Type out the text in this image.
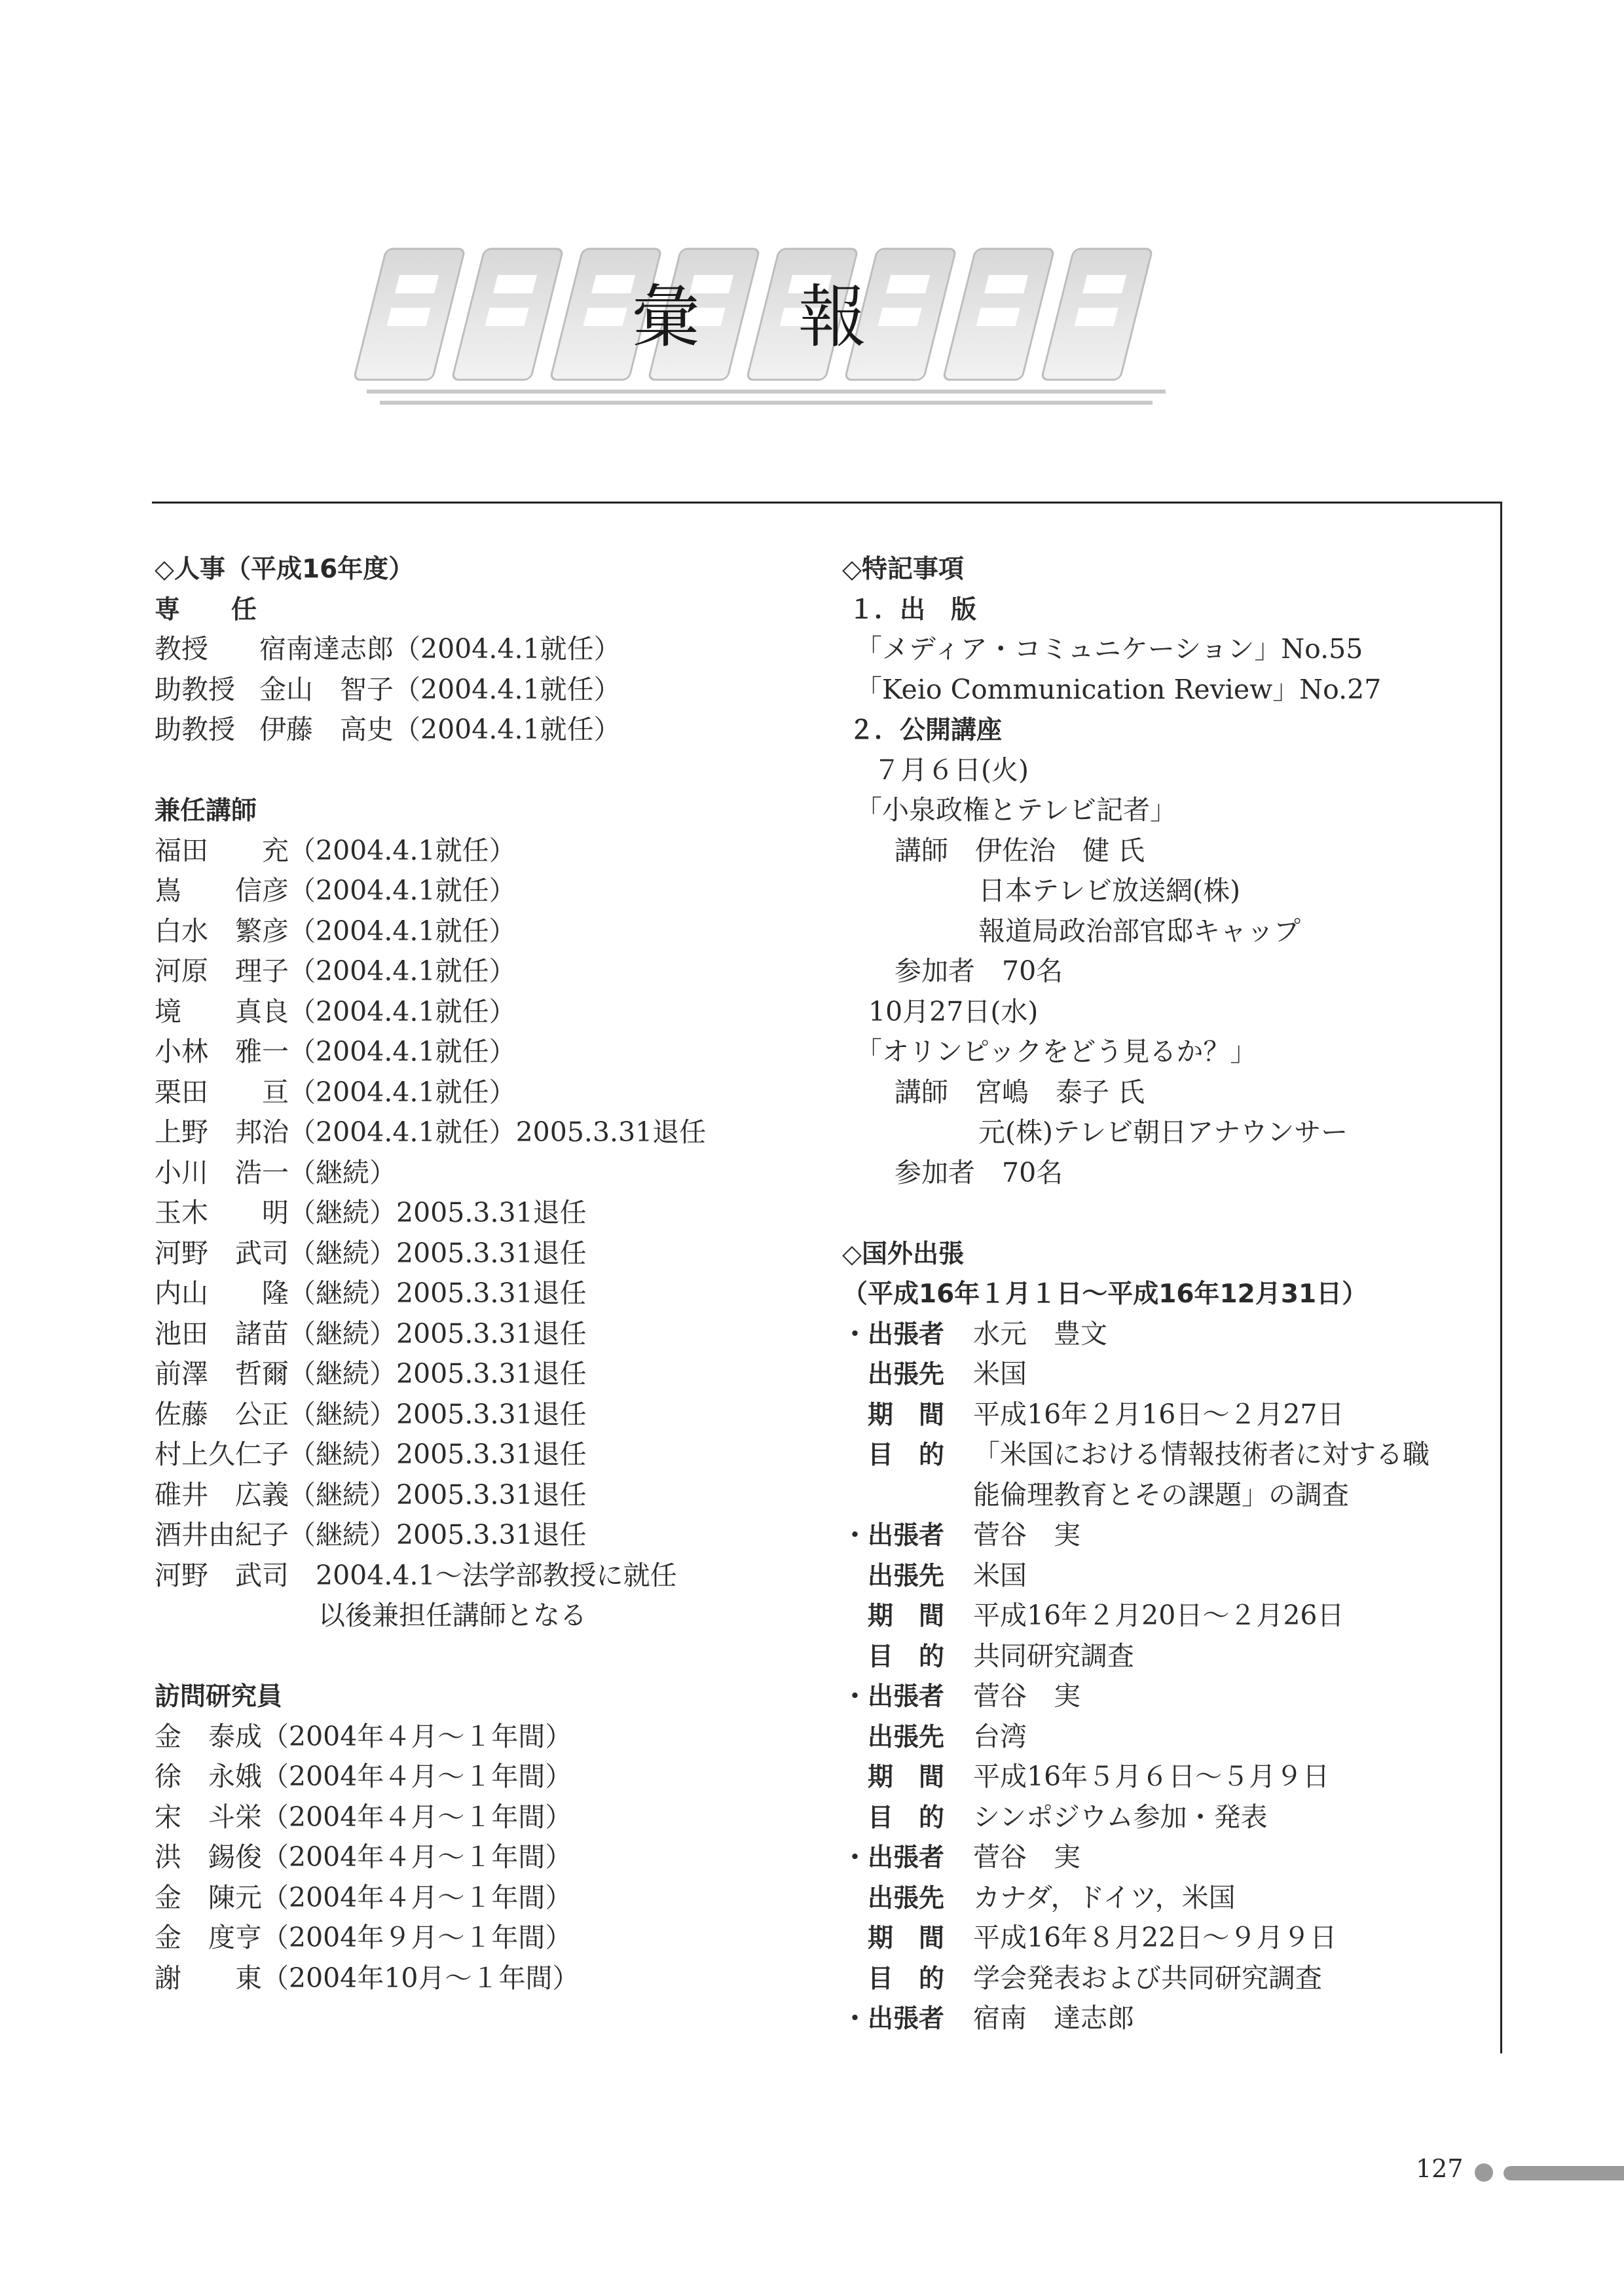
彙報
◇人事（平成16年度）
専　　任
教授 宿南達志郎（2004.4.1就任）
助教授 金山　智子（2004.4.1就任）
助教授 伊藤　高史（2004.4.1就任）
兼任講師
福田　　充（2004.4.1就任）
嶌　　信彦（2004.4.1就任）
白水　繁彦（2004.4.1就任）
河原　理子（2004.4.1就任）
境　　真良（2004.4.1就任）
小林　雅一（2004.4.1就任）
栗田　　亘（2004.4.1就任）
上野　邦治（2004.4.1就任）2005.3.31退任
小川　浩一（継続）
玉木　　明（継続）2005.3.31退任
河野　武司（継続）2005.3.31退任
内山　　隆（継続）2005.3.31退任
池田　諸苗（継続）2005.3.31退任
前澤　哲爾（継続）2005.3.31退任
佐藤　公正（継続）2005.3.31退任
村上久仁子（継続）2005.3.31退任
碓井　広義（継続）2005.3.31退任
酒井由紀子（継続）2005.3.31退任
河野　武司　2004.4.1〜法学部教授に就任
以後兼担任講師となる
訪問研究員
金　泰成（2004年４月〜１年間）
徐　永娥（2004年４月〜１年間）
宋　斗栄（2004年４月〜１年間）
洪　錫俊（2004年４月〜１年間）
金　陳元（2004年４月〜１年間）
金　度亨（2004年９月〜１年間）
謝　　東（2004年10月〜１年間）
◇特記事項
１．出　版
「メディア・コミュニケーション」No.55
「Keio Communication Review」No.27
２．公開講座
７月６日(火)
「小泉政権とテレビ記者」
講師　伊佐治　健 氏
日本テレビ放送網(株)
報道局政治部官邸キャップ
参加者　70名
10月27日(水)
「オリンピックをどう見るか？」
講師　宮嶋　泰子 氏
元(株)テレビ朝日アナウンサー
参加者　70名
◇国外出張
（平成16年１月１日〜平成16年12月31日）
・出張者 水元　豊文
　出張先 米国
　期　間 平成16年２月16日〜２月27日
　目　的 「米国における情報技術者に対する職
能倫理教育とその課題」の調査
・出張者 菅谷　実
　出張先 米国
　期　間 平成16年２月20日〜２月26日
　目　的 共同研究調査
・出張者 菅谷　実
　出張先 台湾
　期　間 平成16年５月６日〜５月９日
　目　的 シンポジウム参加・発表
・出張者 菅谷　実
　出張先 カナダ，ドイツ，米国
　期　間 平成16年８月22日〜９月９日
　目　的 学会発表および共同研究調査
・出張者 宿南　達志郎
127
